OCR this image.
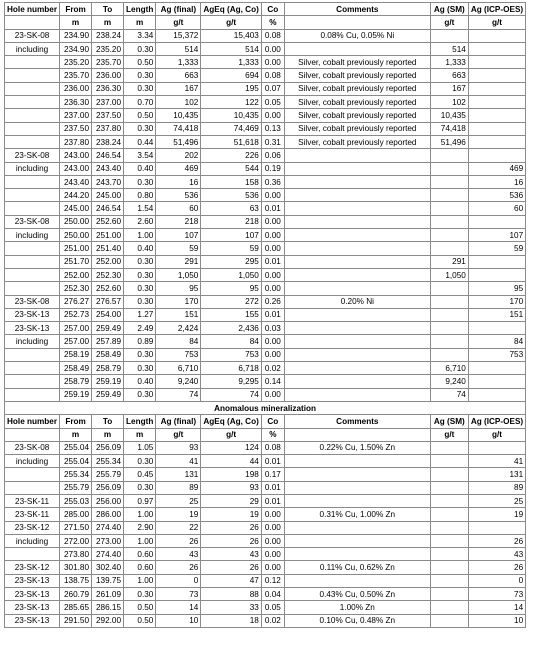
Hole number	From	To	Length	Ag (final)	AgEq (Ag, Co)	Co	Comments	Ag (SM)	Ag (ICP-OES)
	m	m	m	g/t	g/t	%		g/t	g/t
23-SK-08	234.90	238.24	3.34	15,372	15,403	0.08	0.08% Cu, 0.05% Ni		
including	234.90	235.20	0.30	514	514	0.00		514	
	235.20	235.70	0.50	1,333	1,333	0.00	Silver, cobalt previously reported	1,333	
	235.70	236.00	0.30	663	694	0.08	Silver, cobalt previously reported	663	
	236.00	236.30	0.30	167	195	0.07	Silver, cobalt previously reported	167	
	236.30	237.00	0.70	102	122	0.05	Silver, cobalt previously reported	102	
	237.00	237.50	0.50	10,435	10,435	0.00	Silver, cobalt previously reported	10,435	
	237.50	237.80	0.30	74,418	74,469	0.13	Silver, cobalt previously reported	74,418	
	237.80	238.24	0.44	51,496	51,618	0.31	Silver, cobalt previously reported	51,496	
23-SK-08	243.00	246.54	3.54	202	226	0.06			
including	243.00	243.40	0.40	469	544	0.19			469
	243.40	243.70	0.30	16	158	0.36			16
	244.20	245.00	0.80	536	536	0.00			536
	245.00	246.54	1.54	60	63	0.01			60
23-SK-08	250.00	252.60	2.60	218	218	0.00			
including	250.00	251.00	1.00	107	107	0.00			107
	251.00	251.40	0.40	59	59	0.00			59
	251.70	252.00	0.30	291	295	0.01		291	
	252.00	252.30	0.30	1,050	1,050	0.00		1,050	
	252.30	252.60	0.30	95	95	0.00			95
23-SK-08	276.27	276.57	0.30	170	272	0.26	0.20% Ni		170
23-SK-13	252.73	254.00	1.27	151	155	0.01			151
23-SK-13	257.00	259.49	2.49	2,424	2,436	0.03			
including	257.00	257.89	0.89	84	84	0.00			84
	258.19	258.49	0.30	753	753	0.00			753
	258.49	258.79	0.30	6,710	6,718	0.02		6,710	
	258.79	259.19	0.40	9,240	9,295	0.14		9,240	
	259.19	259.49	0.30	74	74	0.00		74	
Anomalous mineralization									
Hole number	From	To	Length	Ag (final)	AgEq (Ag, Co)	Co	Comments	Ag (SM)	Ag (ICP-OES)
	m	m	m	g/t	g/t	%		g/t	g/t
23-SK-08	255.04	256.09	1.05	93	124	0.08	0.22% Cu, 1.50% Zn		
including	255.04	255.34	0.30	41	44	0.01			41
	255.34	255.79	0.45	131	198	0.17			131
	255.79	256.09	0.30	89	93	0.01			89
23-SK-11	255.03	256.00	0.97	25	29	0.01			25
23-SK-11	285.00	286.00	1.00	19	19	0.00	0.31% Cu, 1.00% Zn		19
23-SK-12	271.50	274.40	2.90	22	26	0.00			
including	272.00	273.00	1.00	26	26	0.00			26
	273.80	274.40	0.60	43	43	0.00			43
23-SK-12	301.80	302.40	0.60	26	26	0.00	0.11% Cu, 0.62% Zn		26
23-SK-13	138.75	139.75	1.00	0	47	0.12			0
23-SK-13	260.79	261.09	0.30	73	88	0.04	0.43% Cu, 0.50% Zn		73
23-SK-13	285.65	286.15	0.50	14	33	0.05	1.00% Zn		14
23-SK-13	291.50	292.00	0.50	10	18	0.02	0.10% Cu, 0.48% Zn		10
